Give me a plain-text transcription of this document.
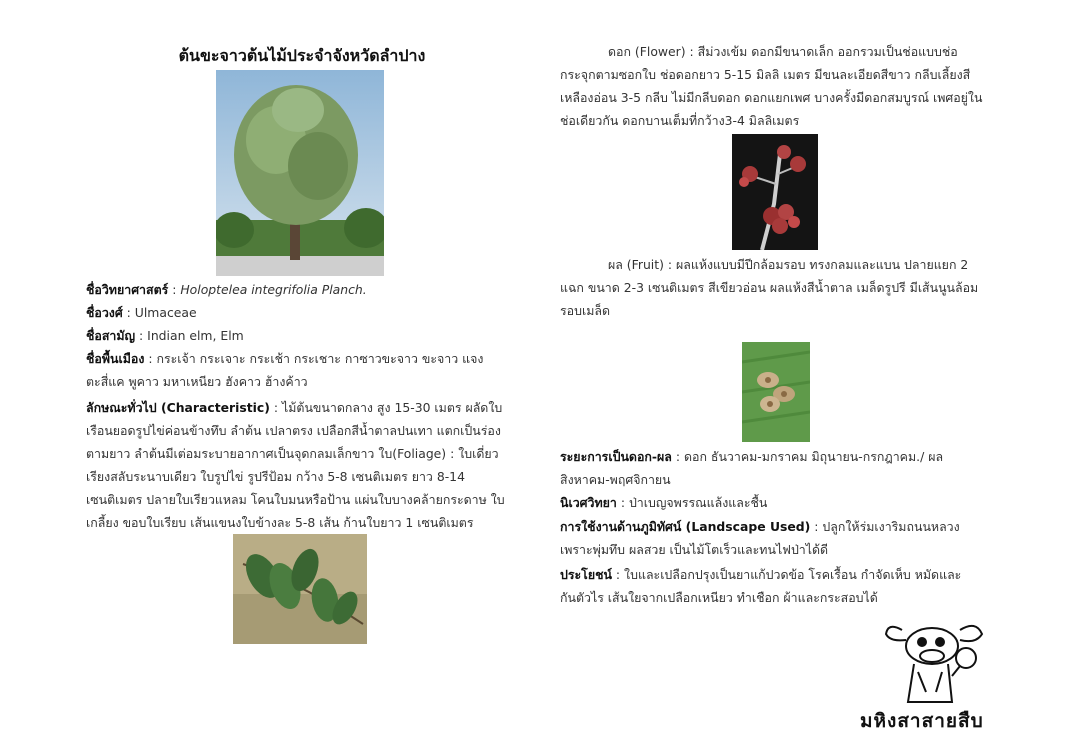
ต้นขะจาวต้นไม้ประจำจังหวัดลำปาง

ชื่อวิทยาศาสตร์ : Holoptelea integrifolia Planch.

ชื่อวงศ์ : Ulmaceae

ชื่อสามัญ : Indian elm, Elm

ชื่อพื้นเมือง : กระเจ้า กระเจาะ กระเช้า กระเชาะ กาซาวขะจาว ขะจาว แจง ตะสี่แค พูคาว มหาเหนียว ฮังคาว ฮ้างค้าว

ลักษณะทั่วไป (Characteristic) : ไม้ต้นขนาดกลาง สูง 15-30 เมตร ผลัดใบ เรือนยอดรูปไข่ค่อนข้างทึบ ลำต้น เปลาตรง เปลือกสีน้ำตาลปนเทา แตกเป็นร่องตามยาว ลำต้นมีเต่อมระบายอากาศเป็นจุดกลมเล็กขาว ใบ(Foliage) : ใบเดี่ยว เรียงสลับระนาบเดียว ใบรูปไข่ รูปรีป้อม กว้าง 5-8 เซนติเมตร ยาว 8-14 เซนติเมตร ปลายใบเรียวแหลม โคนใบมนหรือป้าน แผ่นใบบางคล้ายกระดาษ ใบเกลี้ยง ขอบใบเรียบ เส้นแขนงใบข้างละ 5-8 เส้น ก้านใบยาว 1 เซนติเมตร

ดอก (Flower) : สีม่วงเข้ม ดอกมีขนาดเล็ก ออกรวมเป็นช่อแบบช่อกระจุกตามซอกใบ ช่อดอกยาว 5-15 มิลลิ เมตร มีขนละเอียดสีขาว กลีบเลี้ยงสีเหลืองอ่อน 3-5 กลีบ ไม่มีกลีบดอก ดอกแยกเพศ บางครั้งมีดอกสมบูรณ์ เพศอยู่ในช่อเดียวกัน ดอกบานเต็มที่กว้าง3-4 มิลลิเมตร

ผล (Fruit) : ผลแห้งแบบมีปีกล้อมรอบ ทรงกลมและแบน ปลายแยก 2 แฉก ขนาด 2-3 เซนติเมตร สีเขียวอ่อน ผลแห้งสีน้ำตาล เมล็ดรูปรี มีเส้นนูนล้อมรอบเมล็ด

ระยะการเป็นดอก-ผล : ดอก ธันวาคม-มกราคม มิถุนายน-กรกฎาคม./ ผล สิงหาคม-พฤศจิกายน

นิเวศวิทยา : ป่าเบญจพรรณแล้งและชื้น

การใช้งานด้านภูมิทัศน์ (Landscape Used) : ปลูกให้ร่มเงาริมถนนหลวง เพราะพุ่มทึบ ผลสวย เป็นไม้โตเร็วและทนไฟป่าได้ดี

ประโยชน์ : ใบและเปลือกปรุงเป็นยาแก้ปวดข้อ โรคเรื้อน กำจัดเห็บ หมัดและกันตัวไร เส้นใยจากเปลือกเหนียว ทำเชือก ผ้าและกระสอบได้

มหิงสาสายสืบ
